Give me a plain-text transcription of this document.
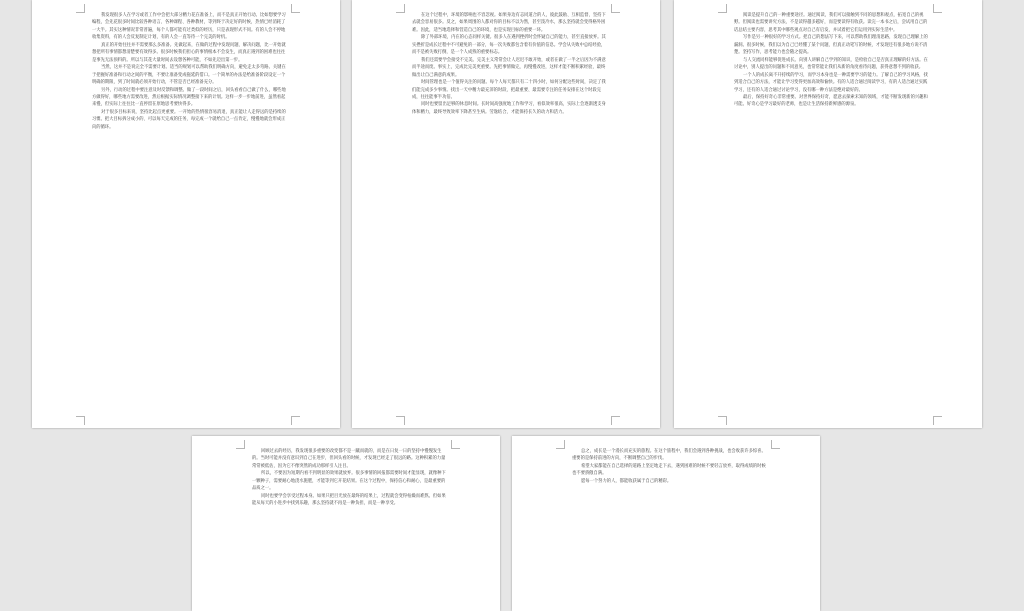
我发现很多人在学习或者工作中会把大部分精力花在准备上，而不是真正开始行动。比如想要学习编程，会先花很多时间比较各种语言、各种课程、各种教材，等到终于决定好的时候，热情已经消耗了一大半。其实这种情况非常普遍，每个人都可能有过类似的经历，只是表现形式不同。有的人会不停地收集资料，有的人会反复制定计划，有的人会一直等待一个完美的时机。

真正的开始往往并不需要那么多准备。先做起来，在做的过程中发现问题、解决问题，比一开始就想把所有事情都想清楚要有效得多。很多时候我们担心的事情根本不会发生，而真正遇到的困难也往往是事先无法预料的。所以与其花大量时间去设想各种可能，不如先迈出第一步。

当然，这并不是说完全不需要计划。适当的规划可以帮助我们明确方向，避免走太多弯路。关键在于把握好准备和行动之间的平衡，不要让准备变成拖延的借口。一个简单的办法是给准备阶段设定一个明确的期限，到了时间就必须开始行动，不管是否已经准备充分。

另外，行动的过程中要注意及时反馈和调整。做了一段时间之后，回头看看自己做了什么，哪些地方做得好，哪些地方需要改进，然后根据实际情况调整接下来的计划。这样一步一步地前进，虽然看起来慢，但实际上往往比一直停留在原地思考要快得多。

对于很多目标来说，坚持比起点更重要。一开始的热情很容易消退，真正能让人走得远的是持续的习惯。把大目标拆分成小的、可以每天完成的任务，每完成一个就给自己一点肯定，慢慢地就会形成正向的循环。

在这个过程中，环境的影响也不容忽视。如果身边有志同道合的人，彼此鼓励、互相监督，坚持下去就会容易很多。反之，如果周围的人都对你的目标不以为然，甚至泼冷水，那么坚持就会变得格外困难。因此，适当地选择和营造自己的环境，也是实现目标的重要一环。

除了外部环境，内在的心态同样关键。很多人在遇到挫折时会怀疑自己的能力，甚至直接放弃。其实挫折是成长过程中不可避免的一部分，每一次失败都包含着有价值的信息。学会从失败中总结经验，而不是被失败打倒，是一个人成熟的重要标志。

我们还需要学会接受不完美。完美主义常常会让人迟迟不敢开始，或者在做了一半之后因为不满意而半途而废。事实上，完成比完美更重要。先把事情做完，再慢慢改进，这样才能不断积累经验，最终做出让自己满意的成果。

时间管理也是一个值得关注的问题。每个人每天都只有二十四小时，如何分配这些时间，决定了我们能完成多少事情。找出一天中精力最充沛的时段，把最重要、最需要专注的任务安排在这个时段完成，往往能事半功倍。

同时也要留出足够的休息时间。长时间高强度地工作和学习，看似效率很高，实际上会逐渐透支身体和精力，最终导致效率下降甚至生病。劳逸结合，才能保持长久的动力和活力。

阅读是提升自己的一种重要途径。通过阅读，我们可以接触到不同的思想和观点，拓宽自己的视野。但阅读也需要讲究方法，不是读得越多越好，而是要读得有收获。读完一本书之后，尝试用自己的话总结主要内容，思考其中哪些观点对自己有启发，并试着把它们运用到实际生活中。

写作是另一种很好的学习方式。把自己的想法写下来，可以帮助我们理清思路，发现自己理解上的漏洞。很多时候，我们以为自己已经懂了某个问题，但真正动笔写的时候，才发现还有很多地方说不清楚。坚持写作，思考能力也会随之提高。

与人交流同样能够促进成长。向别人讲解自己学到的知识，是检验自己是否真正理解的好方法。在讨论中，别人提出的问题和不同意见，也常常能让我们从新的角度看待问题，获得意想不到的收获。

一个人的成长离不开持续的学习，而学习本身也是一种需要学习的能力。了解自己的学习风格，找到适合自己的方法，才能让学习变得更加高效和愉快。有的人适合通过阅读学习，有的人适合通过实践学习，还有的人适合通过讨论学习，没有哪一种方法是绝对最好的。

最后，保持好奇心非常重要。对世界保持好奇，愿意去探索未知的领域，才能不断发现新的兴趣和可能。好奇心是学习最好的老师，也是让生活保持新鲜感的源泉。

回顾过去的经历，我发现很多重要的改变都不是一蹴而就的，而是在日复一日的坚持中慢慢发生的。当时可能并没有意识到自己在进步，但回头看的时候，才发现已经走了很远的路。这种积累的力量常常被低估，因为它不像突然的成功那样引人注目。

所以，不要因为短期内看不到明显的效果就放弃。很多事情的回报都需要时间才能显现，就像种下一颗种子，需要耐心地浇水施肥，才能等到它开花结果。在这个过程中，保持信心和耐心，是最重要的品质之一。

同时也要学会享受过程本身。如果只把目光放在最终的结果上，过程就会变得枯燥而难熬。但如果能从每天的小进步中找到乐趣，那么坚持就不再是一种负担，而是一种享受。

总之，成长是一个漫长而充实的旅程。在这个旅程中，我们会遇到各种挑战，也会收获许多惊喜。重要的是保持前进的方向，不断调整自己的步伐。

希望大家都能在自己选择的道路上坚定地走下去，遇到困难的时候不要轻言放弃，取得成绩的时候也不要骄傲自满。

愿每一个努力的人，都能收获属于自己的精彩。
